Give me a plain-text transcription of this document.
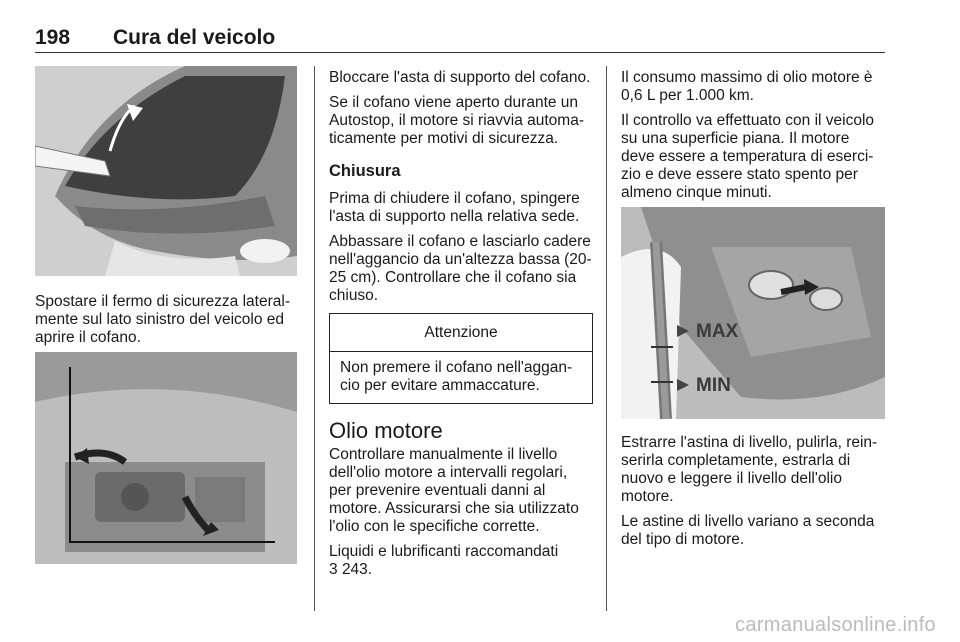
198 Cura del veicolo

Spostare il fermo di sicurezza lateral-mente sul lato sinistro del veicolo ed aprire il cofano.

Bloccare l'asta di supporto del cofano.

Se il cofano viene aperto durante un Autostop, il motore si riavvia automa-ticamente per motivi di sicurezza.

Chiusura

Prima di chiudere il cofano, spingere l'asta di supporto nella relativa sede.

Abbassare il cofano e lasciarlo cadere nell'aggancio da un'altezza bassa (20-25 cm). Controllare che il cofano sia chiuso.

Attenzione
Non premere il cofano nell'aggan-cio per evitare ammaccature.
Olio motore

Controllare manualmente il livello dell'olio motore a intervalli regolari, per prevenire eventuali danni al motore. Assicurarsi che sia utilizzato l'olio con le specifiche corrette.

Liquidi e lubrificanti raccomandati
3 243.

Il consumo massimo di olio motore è 0,6 L per 1.000 km.

Il controllo va effettuato con il veicolo su una superficie piana. Il motore deve essere a temperatura di eserci-zio e deve essere stato spento per almeno cinque minuti.

MAX
MIN

Estrarre l'astina di livello, pulirla, rein-serirla completamente, estrarla di nuovo e leggere il livello dell'olio motore.

Le astine di livello variano a seconda del tipo di motore.

carmanualsonline.info
